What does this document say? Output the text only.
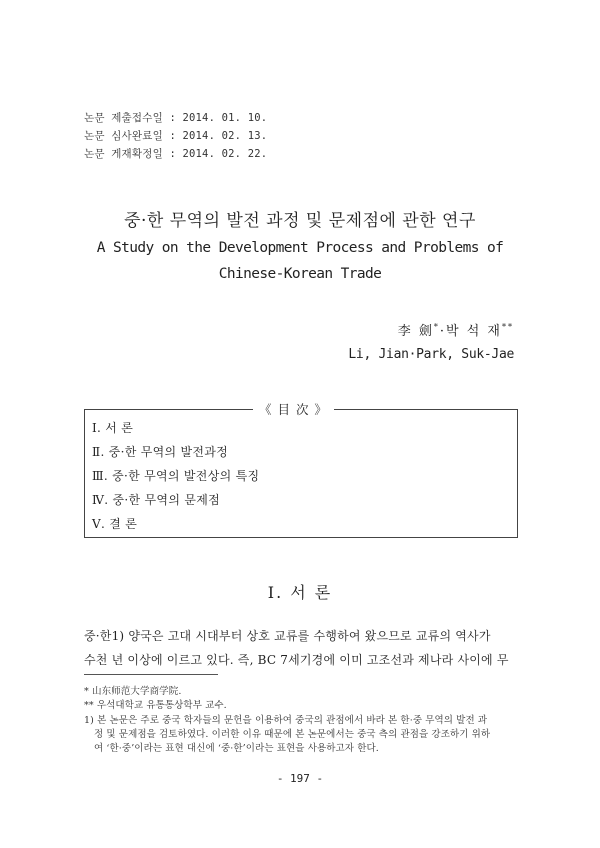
논문 제출접수일 : 2014. 01. 10.
논문 심사완료일 : 2014. 02. 13.
논문 게재확정일 : 2014. 02. 22.
중·한 무역의 발전 과정 및 문제점에 관한 연구
A Study on the Development Process and Problems of
Chinese-Korean Trade
李 劍*·박 석 재**
Li, Jian·Park, Suk-Jae
《 目 次 》
Ⅰ. 서 론
Ⅱ. 중·한 무역의 발전과정
Ⅲ. 중·한 무역의 발전상의 특징
Ⅳ. 중·한 무역의 문제점
Ⅴ. 결 론
Ⅰ. 서 론
중·한1) 양국은 고대 시대부터 상호 교류를 수행하여 왔으므로 교류의 역사가
수천 년 이상에 이르고 있다. 즉, BC 7세기경에 이미 고조선과 제나라 사이에 무
* 山东师范大学商学院.
** 우석대학교 유통통상학부 교수.
1) 본 논문은 주로 중국 학자들의 문헌을 이용하여 중국의 관점에서 바라 본 한·중 무역의 발전 과
정 및 문제점을 검토하였다. 이러한 이유 때문에 본 논문에서는 중국 측의 관점을 강조하기 위하
여 ‘한·중’이라는 표현 대신에 ‘중·한’이라는 표현을 사용하고자 한다.
- 197 -
